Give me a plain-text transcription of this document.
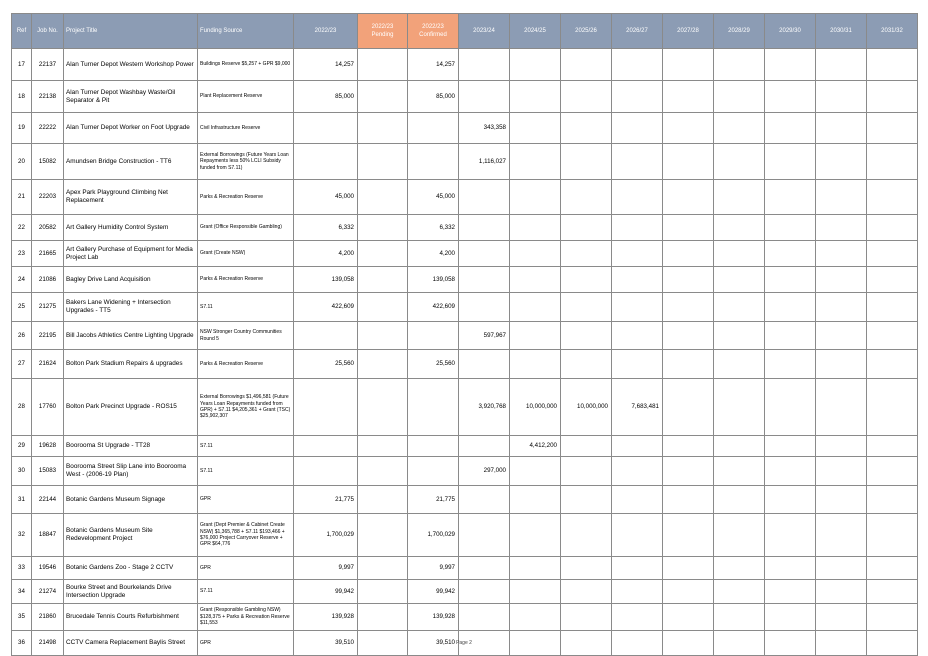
Ref	Job No.	Project Title	Funding Source	2022/23	2022/23 Pending	2022/23 Confirmed	2023/24	2024/25	2025/26	2026/27	2027/28	2028/29	2029/30	2030/31	2031/32
17	22137	Alan Turner Depot Western Workshop Power	Buildings Reserve $5,257 + GPR $9,000	14,257		14,257									
18	22138	Alan Turner Depot Washbay Waste/Oil Separator & Pit	Plant Replacement Reserve	85,000		85,000									
19	22222	Alan Turner Depot Worker on Foot Upgrade	Civil Infrastructure Reserve				343,358								
20	15082	Amundsen Bridge Construction - TT6	External Borrowings (Future Years Loan Repayments less 50% LCLI Subsidy funded from S7.11)				1,116,027								
21	22203	Apex Park Playground Climbing Net Replacement	Parks & Recreation Reserve	45,000		45,000									
22	20582	Art Gallery Humidity Control System	Grant (Office Responsible Gambling)	6,332		6,332									
23	21665	Art Gallery Purchase of Equipment for Media Project Lab	Grant (Create NSW)	4,200		4,200									
24	21086	Bagley Drive Land Acquisition	Parks & Recreation Reserve	139,058		139,058									
25	21275	Bakers Lane Widening + Intersection Upgrades - TT5	S7.11	422,609		422,609									
26	22195	Bill Jacobs Athletics Centre Lighting Upgrade	NSW Stronger Country Communities Round 5				597,967								
27	21624	Bolton Park Stadium Repairs & upgrades	Parks & Recreation Reserve	25,560		25,560									
28	17760	Bolton Park Precinct Upgrade - ROS15	External Borrowings $1,496,581 (Future Years Loan Repayments funded from GPR) + S7.11 $4,205,361 + Grant (TSC) $25,902,307				3,920,768	10,000,000	10,000,000	7,683,481					
29	19628	Boorooma St Upgrade - TT28	S7.11					4,412,200							
30	15083	Boorooma Street Slip Lane into Boorooma West - (2006-19 Plan)	S7.11				297,000								
31	22144	Botanic Gardens Museum Signage	GPR	21,775		21,775									
32	18847	Botanic Gardens Museum Site Redevelopment Project	Grant (Dept Premier & Cabinet Create NSW) $1,365,788 + S7.11 $193,466 + $76,000 Project Carryover Reserve + GPR $64,776	1,700,029		1,700,029									
33	19546	Botanic Gardens Zoo - Stage 2 CCTV	GPR	9,997		9,997									
34	21274	Bourke Street and Bourkelands Drive Intersection Upgrade	S7.11	99,942		99,942									
35	21860	Brucedale Tennis Courts Refurbishment	Grant (Responsible Gambling NSW) $128,375 + Parks & Recreation Reserve $11,553	139,928		139,928									
36	21498	CCTV Camera Replacement Baylis Street	GPR	39,510		39,510									Page 2
